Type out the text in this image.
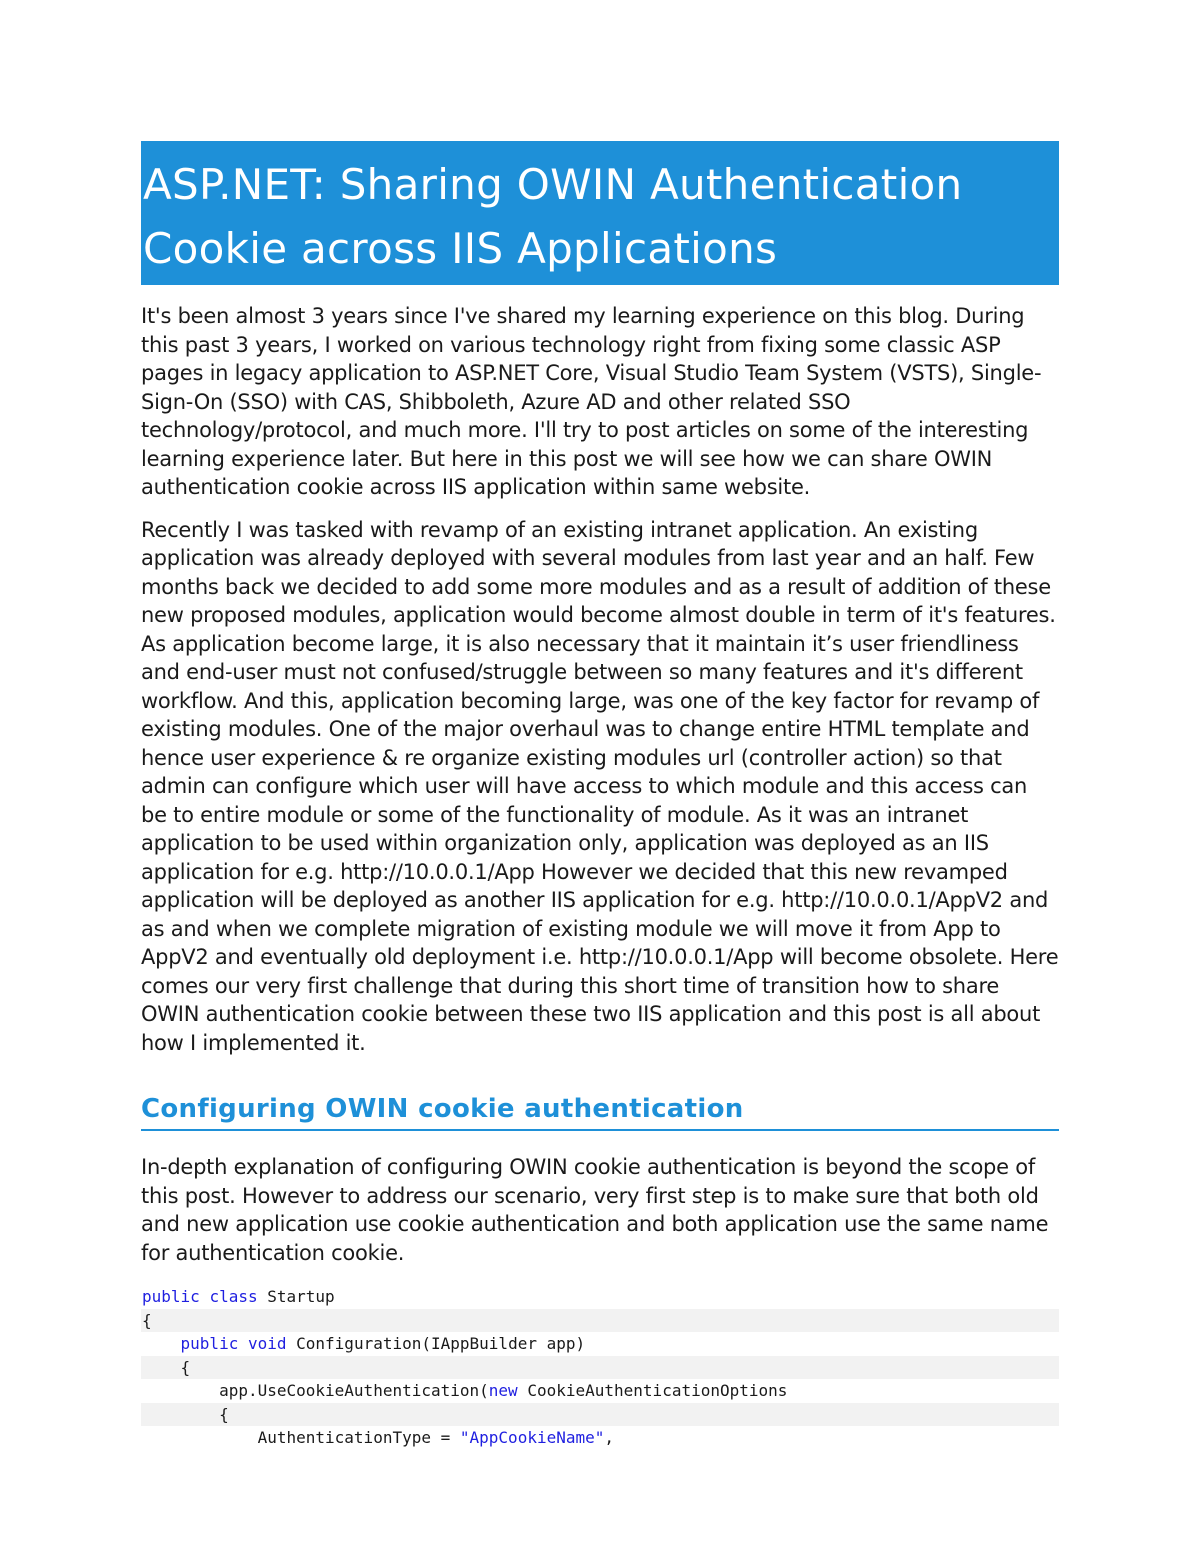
ASP.NET: Sharing OWIN Authentication
Cookie across IIS Applications

It's been almost 3 years since I've shared my learning experience on this blog. During this past 3 years, I worked on various technology right from fixing some classic ASP pages in legacy application to ASP.NET Core, Visual Studio Team System (VSTS), Single-Sign-On (SSO) with CAS, Shibboleth, Azure AD and other related SSO technology/protocol, and much more. I'll try to post articles on some of the interesting learning experience later. But here in this post we will see how we can share OWIN authentication cookie across IIS application within same website.

Recently I was tasked with revamp of an existing intranet application. An existing application was already deployed with several modules from last year and an half. Few months back we decided to add some more modules and as a result of addition of these new proposed modules, application would become almost double in term of it's features. As application become large, it is also necessary that it maintain it’s user friendliness and end-user must not confused/struggle between so many features and it's different workflow. And this, application becoming large, was one of the key factor for revamp of existing modules. One of the major overhaul was to change entire HTML template and hence user experience & re organize existing modules url (controller action) so that admin can configure which user will have access to which module and this access can be to entire module or some of the functionality of module. As it was an intranet application to be used within organization only, application was deployed as an IIS application for e.g. http://10.0.0.1/App However we decided that this new revamped application will be deployed as another IIS application for e.g. http://10.0.0.1/AppV2 and as and when we complete migration of existing module we will move it from App to AppV2 and eventually old deployment i.e. http://10.0.0.1/App will become obsolete. Here comes our very first challenge that during this short time of transition how to share OWIN authentication cookie between these two IIS application and this post is all about how I implemented it.

Configuring OWIN cookie authentication

In-depth explanation of configuring OWIN cookie authentication is beyond the scope of this post. However to address our scenario, very first step is to make sure that both old and new application use cookie authentication and both application use the same name for authentication cookie.

public class Startup
{
public void Configuration(IAppBuilder app)
{
app.UseCookieAuthentication(new CookieAuthenticationOptions
{
AuthenticationType = "AppCookieName",
